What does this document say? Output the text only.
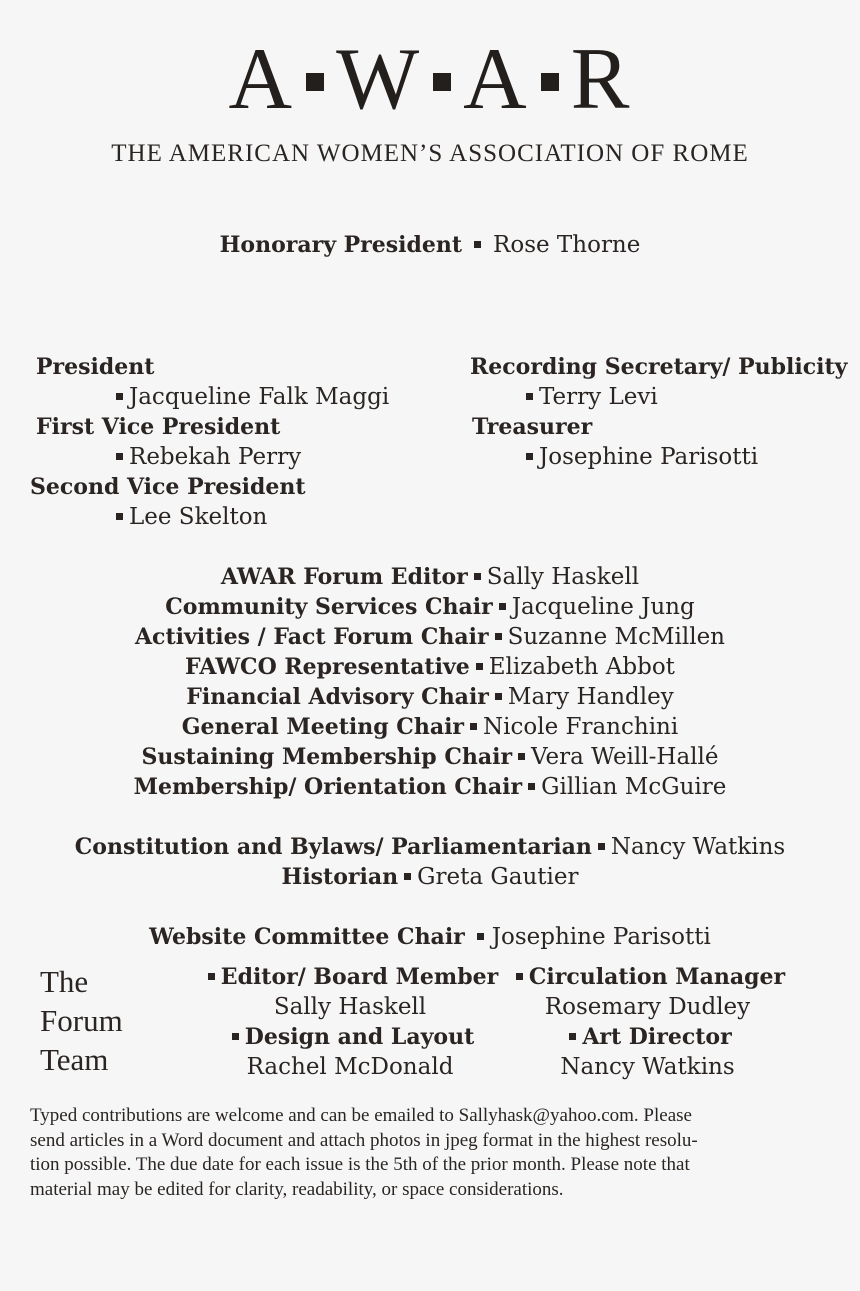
A W A R
THE AMERICAN WOMEN’S ASSOCIATION OF ROME
Honorary President Rose Thorne
President
Jacqueline Falk Maggi
First Vice President
Rebekah Perry
Second Vice President
Lee Skelton
Recording Secretary/ Publicity
Terry Levi
Treasurer
Josephine Parisotti
AWAR Forum Editor Sally Haskell
Community Services Chair Jacqueline Jung
Activities / Fact Forum Chair Suzanne McMillen
FAWCO Representative Elizabeth Abbot
Financial Advisory Chair Mary Handley
General Meeting Chair Nicole Franchini
Sustaining Membership Chair Vera Weill-Hallé
Membership/ Orientation Chair Gillian McGuire
Constitution and Bylaws/ Parliamentarian Nancy Watkins
Historian Greta Gautier
Website Committee Chair Josephine Parisotti
The
Forum
Team
Editor/ Board Member
Sally Haskell
Design and Layout
Rachel McDonald
Circulation Manager
Rosemary Dudley
Art Director
Nancy Watkins
Typed contributions are welcome and can be emailed to Sallyhask@yahoo.com. Please
send articles in a Word document and attach photos in jpeg format in the highest resolu-
tion possible. The due date for each issue is the 5th of the prior month. Please note that
material may be edited for clarity, readability, or space considerations.
